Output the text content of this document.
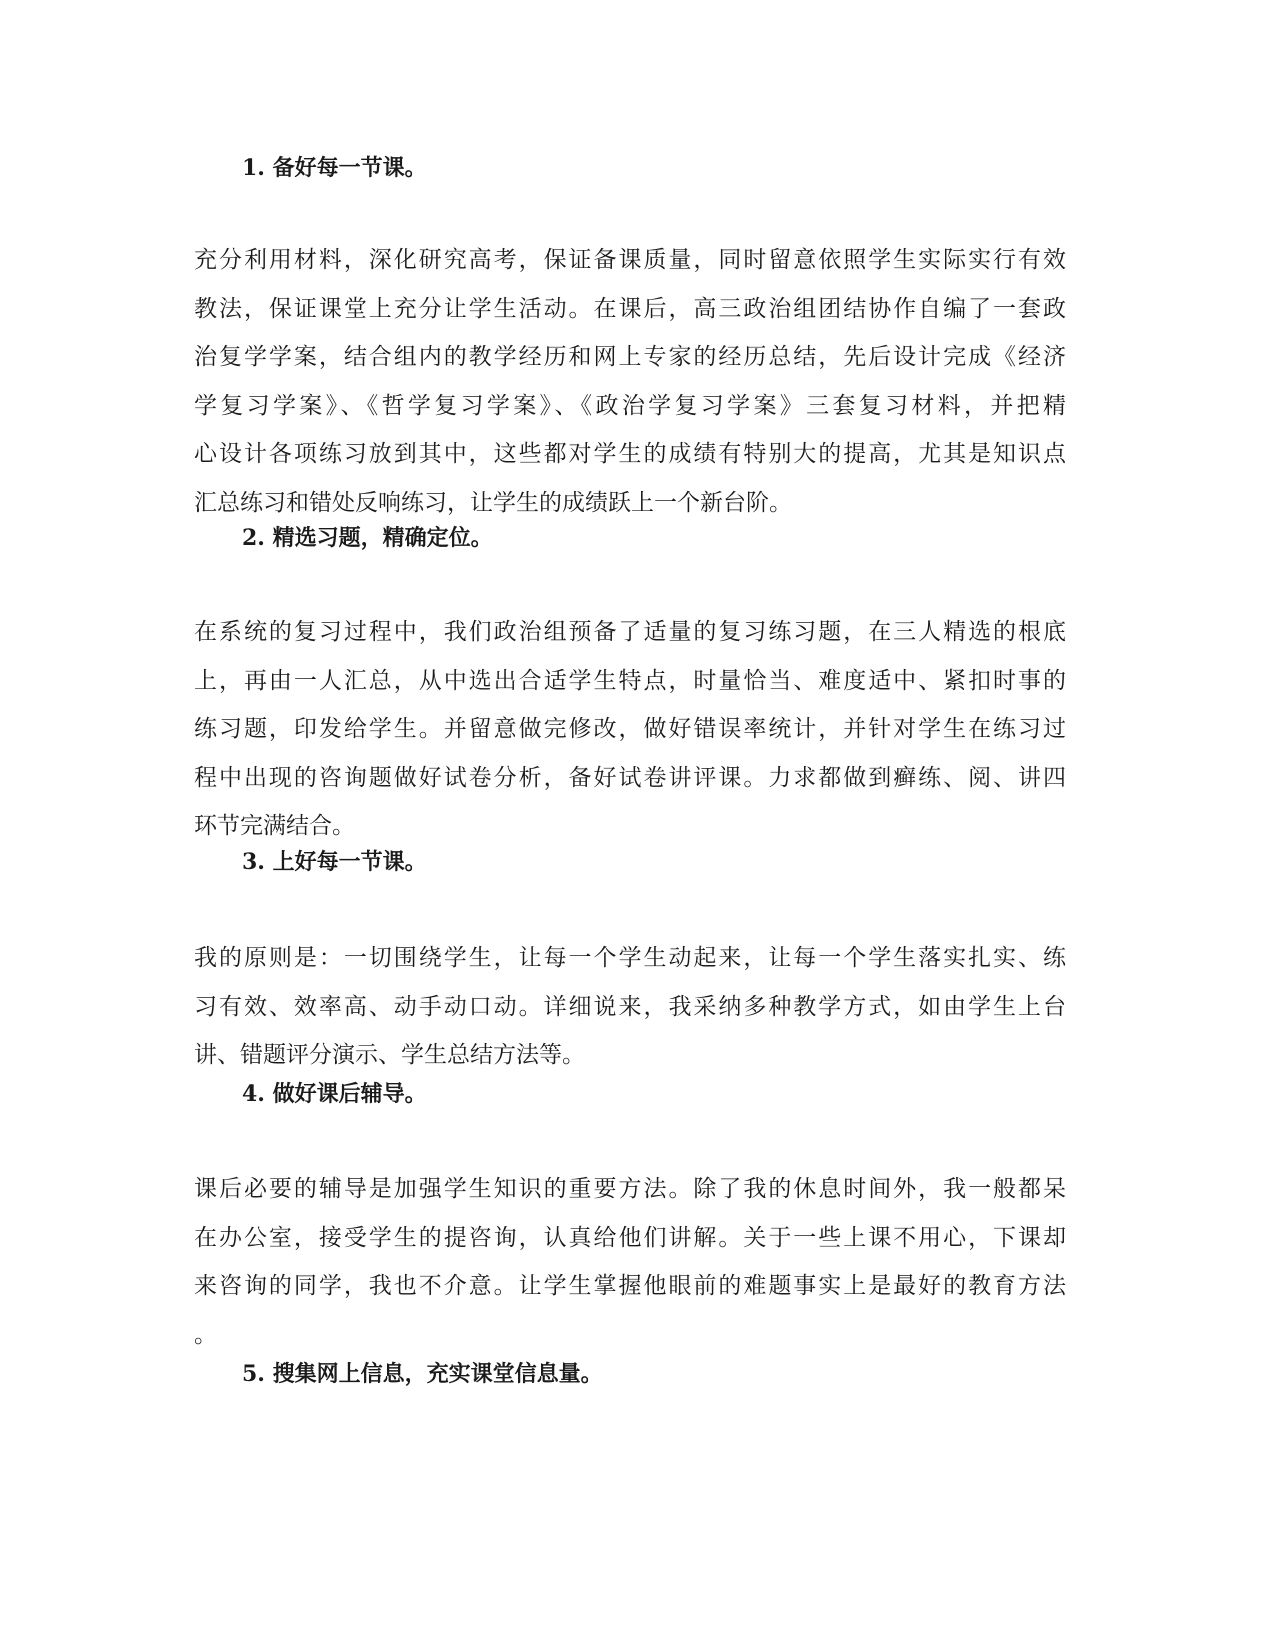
1. 备好每一节课。

充分利用材料，深化研究高考，保证备课质量，同时留意依照学生实际实行有效
教法，保证课堂上充分让学生活动。在课后，高三政治组团结协作自编了一套政
治复学学案，结合组内的教学经历和网上专家的经历总结，先后设计完成《经济
学复习学案》、《哲学复习学案》、《政治学复习学案》三套复习材料，并把精
心设计各项练习放到其中，这些都对学生的成绩有特别大的提高，尤其是知识点
汇总练习和错处反响练习，让学生的成绩跃上一个新台阶。

2. 精选习题，精确定位。

在系统的复习过程中，我们政治组预备了适量的复习练习题，在三人精选的根底
上，再由一人汇总，从中选出合适学生特点，时量恰当、难度适中、紧扣时事的
练习题，印发给学生。并留意做完修改，做好错误率统计，并针对学生在练习过
程中出现的咨询题做好试卷分析，备好试卷讲评课。力求都做到癣练、阅、讲四
环节完满结合。

3. 上好每一节课。

我的原则是：一切围绕学生，让每一个学生动起来，让每一个学生落实扎实、练
习有效、效率高、动手动口动。详细说来，我采纳多种教学方式，如由学生上台
讲、错题评分演示、学生总结方法等。

4. 做好课后辅导。

课后必要的辅导是加强学生知识的重要方法。除了我的休息时间外，我一般都呆
在办公室，接受学生的提咨询，认真给他们讲解。关于一些上课不用心，下课却
来咨询的同学，我也不介意。让学生掌握他眼前的难题事实上是最好的教育方法
。

5. 搜集网上信息，充实课堂信息量。
